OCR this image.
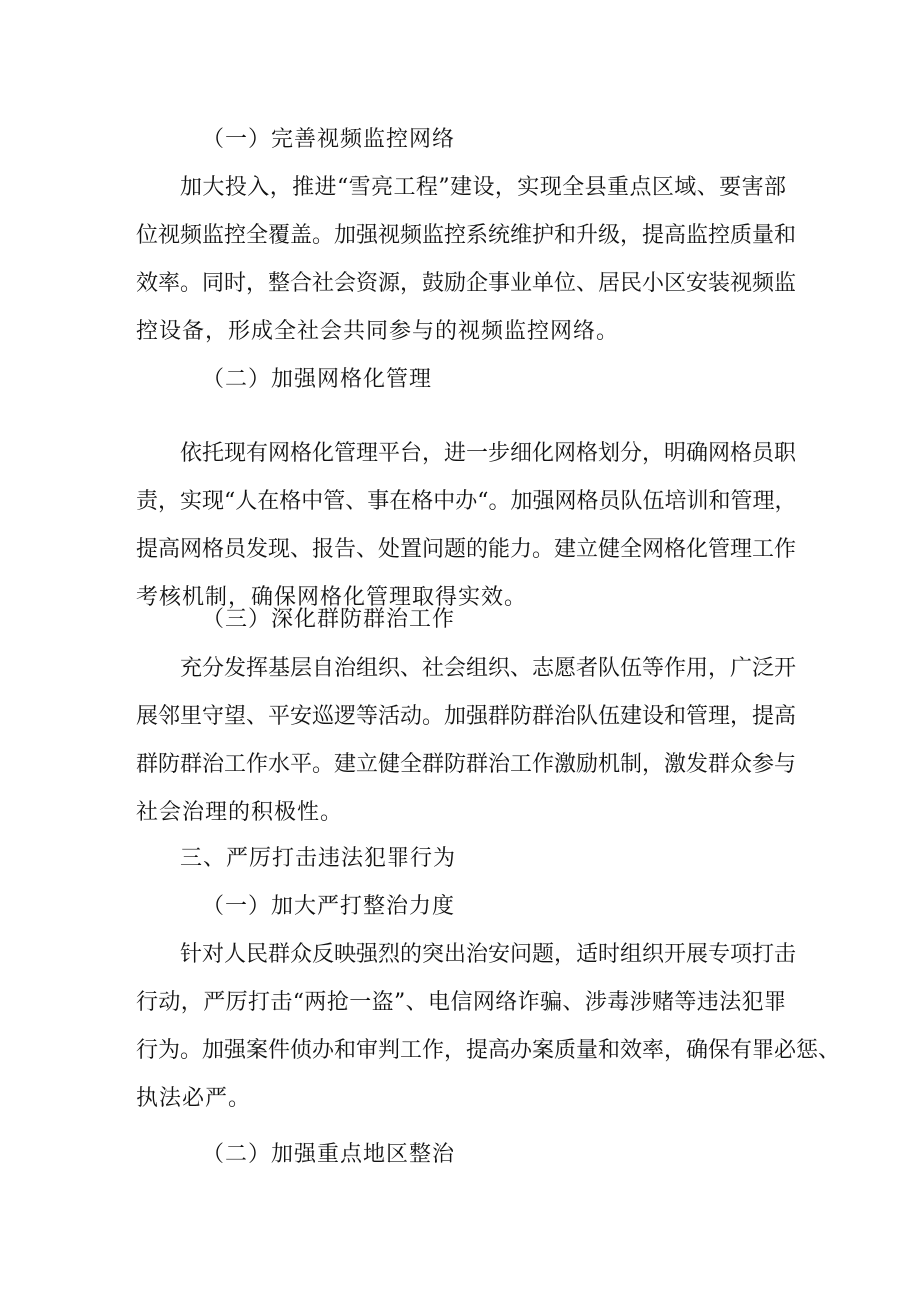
（一）完善视频监控网络
加大投入，推进“雪亮工程”建设，实现全县重点区域、要害部
位视频监控全覆盖。加强视频监控系统维护和升级，提高监控质量和
效率。同时，整合社会资源，鼓励企事业单位、居民小区安装视频监
控设备，形成全社会共同参与的视频监控网络。
（二）加强网格化管理
依托现有网格化管理平台，进一步细化网格划分，明确网格员职
责，实现“人在格中管、事在格中办“。加强网格员队伍培训和管理，
提高网格员发现、报告、处置问题的能力。建立健全网格化管理工作
考核机制，确保网格化管理取得实效。
（三）深化群防群治工作
充分发挥基层自治组织、社会组织、志愿者队伍等作用，广泛开
展邻里守望、平安巡逻等活动。加强群防群治队伍建设和管理，提高
群防群治工作水平。建立健全群防群治工作激励机制，激发群众参与
社会治理的积极性。
三、严厉打击违法犯罪行为
（一）加大严打整治力度
针对人民群众反映强烈的突出治安问题，适时组织开展专项打击
行动，严厉打击“两抢一盗”、电信网络诈骗、涉毒涉赌等违法犯罪
行为。加强案件侦办和审判工作，提高办案质量和效率，确保有罪必惩、
执法必严。
（二）加强重点地区整治
